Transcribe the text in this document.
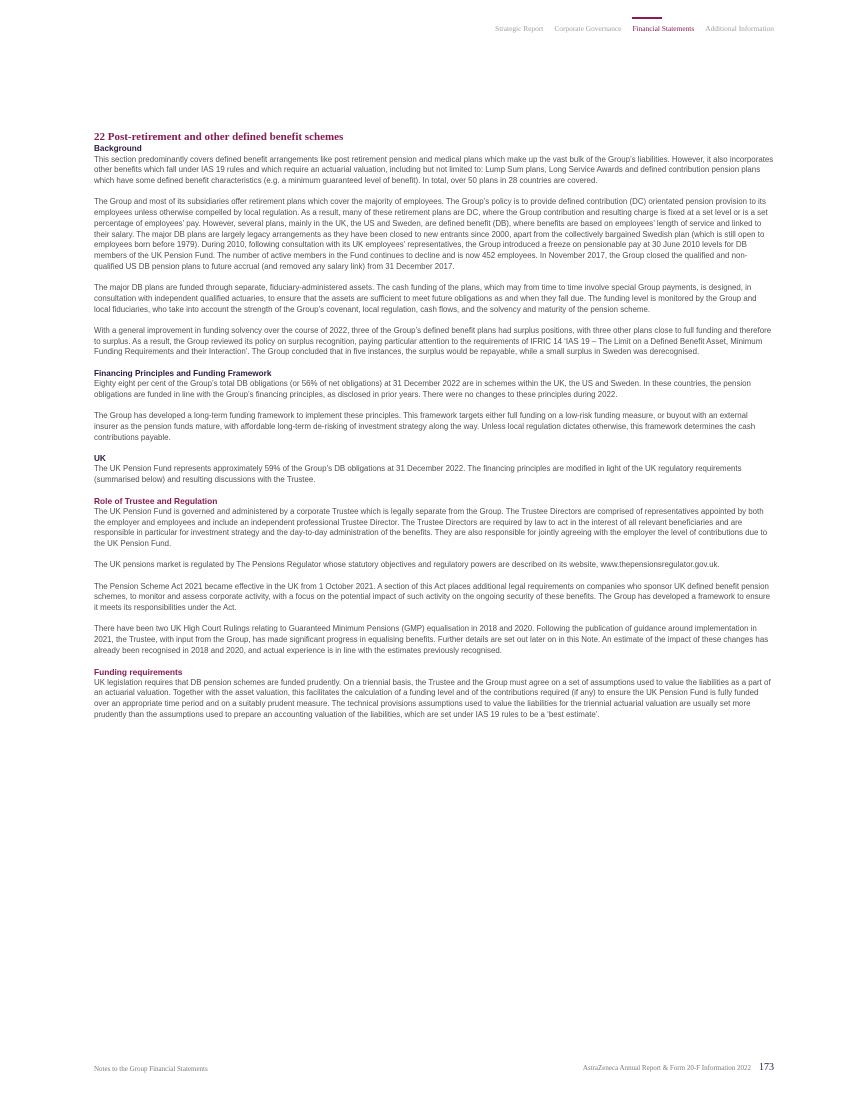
Strategic Report Corporate Governance Financial Statements Additional Information
22 Post-retirement and other defined benefit schemes
Background

This section predominantly covers defined benefit arrangements like post retirement pension and medical plans which make up the vast bulk of the Group’s liabilities. However, it also incorporates other benefits which fall under IAS 19 rules and which require an actuarial valuation, including but not limited to: Lump Sum plans, Long Service Awards and defined contribution pension plans which have some defined benefit characteristics (e.g. a minimum guaranteed level of benefit). In total, over 50 plans in 28 countries are covered.

The Group and most of its subsidiaries offer retirement plans which cover the majority of employees. The Group’s policy is to provide defined contribution (DC) orientated pension provision to its employees unless otherwise compelled by local regulation. As a result, many of these retirement plans are DC, where the Group contribution and resulting charge is fixed at a set level or is a set percentage of employees’ pay. However, several plans, mainly in the UK, the US and Sweden, are defined benefit (DB), where benefits are based on employees’ length of service and linked to their salary. The major DB plans are largely legacy arrangements as they have been closed to new entrants since 2000, apart from the collectively bargained Swedish plan (which is still open to employees born before 1979). During 2010, following consultation with its UK employees’ representatives, the Group introduced a freeze on pensionable pay at 30 June 2010 levels for DB members of the UK Pension Fund. The number of active members in the Fund continues to decline and is now 452 employees. In November 2017, the Group closed the qualified and non-qualified US DB pension plans to future accrual (and removed any salary link) from 31 December 2017.

The major DB plans are funded through separate, fiduciary-administered assets. The cash funding of the plans, which may from time to time involve special Group payments, is designed, in consultation with independent qualified actuaries, to ensure that the assets are sufficient to meet future obligations as and when they fall due. The funding level is monitored by the Group and local fiduciaries, who take into account the strength of the Group’s covenant, local regulation, cash flows, and the solvency and maturity of the pension scheme.

With a general improvement in funding solvency over the course of 2022, three of the Group’s defined benefit plans had surplus positions, with three other plans close to full funding and therefore to surplus. As a result, the Group reviewed its policy on surplus recognition, paying particular attention to the requirements of IFRIC 14 ‘IAS 19 – The Limit on a Defined Benefit Asset, Minimum Funding Requirements and their Interaction’. The Group concluded that in five instances, the surplus would be repayable, while a small surplus in Sweden was derecognised.

Financing Principles and Funding Framework

Eighty eight per cent of the Group’s total DB obligations (or 56% of net obligations) at 31 December 2022 are in schemes within the UK, the US and Sweden. In these countries, the pension obligations are funded in line with the Group’s financing principles, as disclosed in prior years. There were no changes to these principles during 2022.

The Group has developed a long-term funding framework to implement these principles. This framework targets either full funding on a low-risk funding measure, or buyout with an external insurer as the pension funds mature, with affordable long-term de-risking of investment strategy along the way. Unless local regulation dictates otherwise, this framework determines the cash contributions payable.

UK

The UK Pension Fund represents approximately 59% of the Group’s DB obligations at 31 December 2022. The financing principles are modified in light of the UK regulatory requirements (summarised below) and resulting discussions with the Trustee.

Role of Trustee and Regulation

The UK Pension Fund is governed and administered by a corporate Trustee which is legally separate from the Group. The Trustee Directors are comprised of representatives appointed by both the employer and employees and include an independent professional Trustee Director. The Trustee Directors are required by law to act in the interest of all relevant beneficiaries and are responsible in particular for investment strategy and the day-to-day administration of the benefits. They are also responsible for jointly agreeing with the employer the level of contributions due to the UK Pension Fund.

The UK pensions market is regulated by The Pensions Regulator whose statutory objectives and regulatory powers are described on its website, www.thepensionsregulator.gov.uk.

The Pension Scheme Act 2021 became effective in the UK from 1 October 2021. A section of this Act places additional legal requirements on companies who sponsor UK defined benefit pension schemes, to monitor and assess corporate activity, with a focus on the potential impact of such activity on the ongoing security of these benefits. The Group has developed a framework to ensure it meets its responsibilities under the Act.

There have been two UK High Court Rulings relating to Guaranteed Minimum Pensions (GMP) equalisation in 2018 and 2020. Following the publication of guidance around implementation in 2021, the Trustee, with input from the Group, has made significant progress in equalising benefits. Further details are set out later on in this Note. An estimate of the impact of these changes has already been recognised in 2018 and 2020, and actual experience is in line with the estimates previously recognised.

Funding requirements

UK legislation requires that DB pension schemes are funded prudently. On a triennial basis, the Trustee and the Group must agree on a set of assumptions used to value the liabilities as a part of an actuarial valuation. Together with the asset valuation, this facilitates the calculation of a funding level and of the contributions required (if any) to ensure the UK Pension Fund is fully funded over an appropriate time period and on a suitably prudent measure. The technical provisions assumptions used to value the liabilities for the triennial actuarial valuation are usually set more prudently than the assumptions used to prepare an accounting valuation of the liabilities, which are set under IAS 19 rules to be a ‘best estimate’.

Notes to the Group Financial Statements	AstraZeneca Annual Report & Form 20-F Information 2022 173
